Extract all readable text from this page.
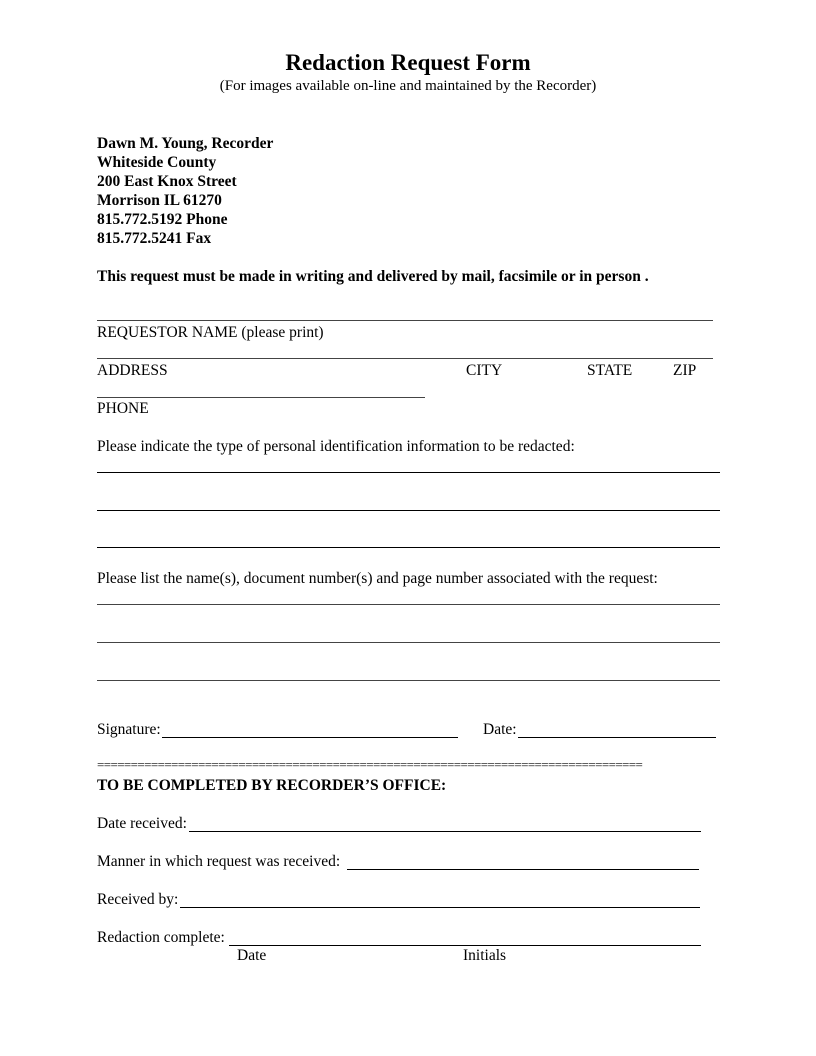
Redaction Request Form
(For images available on-line and maintained by the Recorder)
Dawn M. Young, Recorder
Whiteside County
200 East Knox Street
Morrison IL 61270
815.772.5192 Phone
815.772.5241 Fax
This request must be made in writing and delivered by mail, facsimile or in person .
REQUESTOR NAME (please print)
ADDRESS	CITY	STATE	ZIP
PHONE
Please indicate the type of personal identification information to be redacted:
Please list the name(s), document number(s) and page number associated with the request:
Signature:	Date:
=================================================================================
TO BE COMPLETED BY RECORDER’S OFFICE:
Date received:
Manner in which request was received:
Received by:
Redaction complete:
Date	Initials
